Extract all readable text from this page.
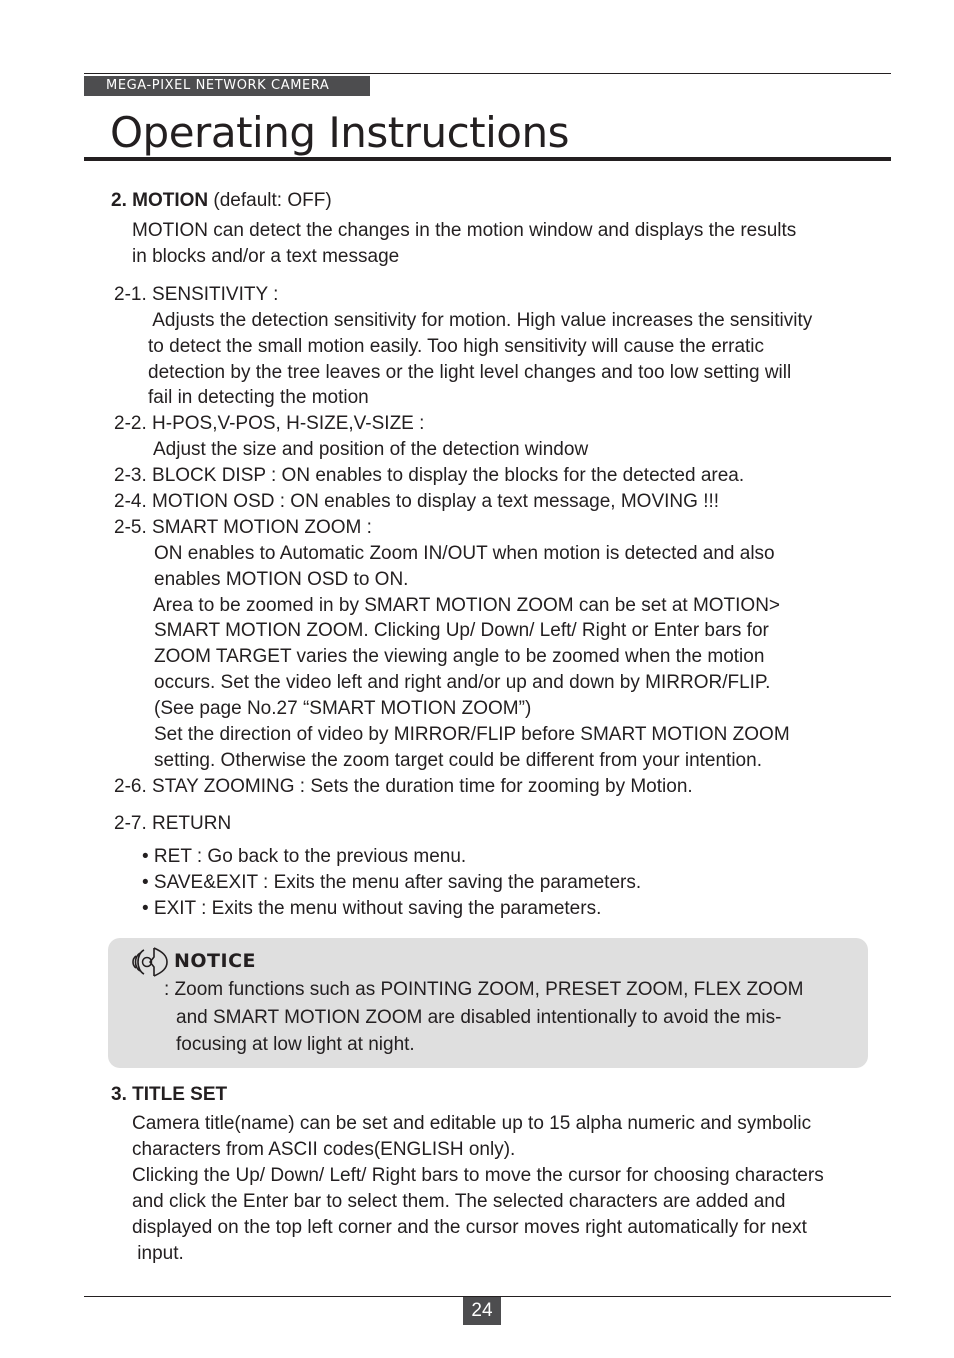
MEGA-PIXEL NETWORK CAMERA
Operating Instructions
2. MOTION (default: OFF)
MOTION can detect the changes in the motion window and displays the results
in blocks and/or a text message
2-1. SENSITIVITY :
Adjusts the detection sensitivity for motion. High value increases the sensitivity
to detect the small motion easily. Too high sensitivity will cause the erratic
detection by the tree leaves or the light level changes and too low setting will
fail in detecting the motion
2-2. H-POS,V-POS, H-SIZE,V-SIZE :
Adjust the size and position of the detection window
2-3. BLOCK DISP : ON enables to display the blocks for the detected area.
2-4. MOTION OSD : ON enables to display a text message, MOVING !!!
2-5. SMART MOTION ZOOM :
ON enables to Automatic Zoom IN/OUT when motion is detected and also
enables MOTION OSD to ON.
Area to be zoomed in by SMART MOTION ZOOM can be set at MOTION>
SMART MOTION ZOOM. Clicking Up/ Down/ Left/ Right or Enter bars for
ZOOM TARGET varies the viewing angle to be zoomed when the motion
occurs. Set the video left and right and/or up and down by MIRROR/FLIP.
(See page No.27 “SMART MOTION ZOOM”)
Set the direction of video by MIRROR/FLIP before SMART MOTION ZOOM
setting. Otherwise the zoom target could be different from your intention.
2-6. STAY ZOOMING : Sets the duration time for zooming by Motion.
2-7. RETURN
• RET : Go back to the previous menu.
• SAVE&EXIT : Exits the menu after saving the parameters.
• EXIT : Exits the menu without saving the parameters.
NOTICE
: Zoom functions such as POINTING ZOOM, PRESET ZOOM, FLEX ZOOM
and SMART MOTION ZOOM are disabled intentionally to avoid the mis-
focusing at low light at night.
3. TITLE SET
Camera title(name) can be set and editable up to 15 alpha numeric and symbolic
characters from ASCII codes(ENGLISH only).
Clicking the Up/ Down/ Left/ Right bars to move the cursor for choosing characters
and click the Enter bar to select them. The selected characters are added and
displayed on the top left corner and the cursor moves right automatically for next
input.
24
